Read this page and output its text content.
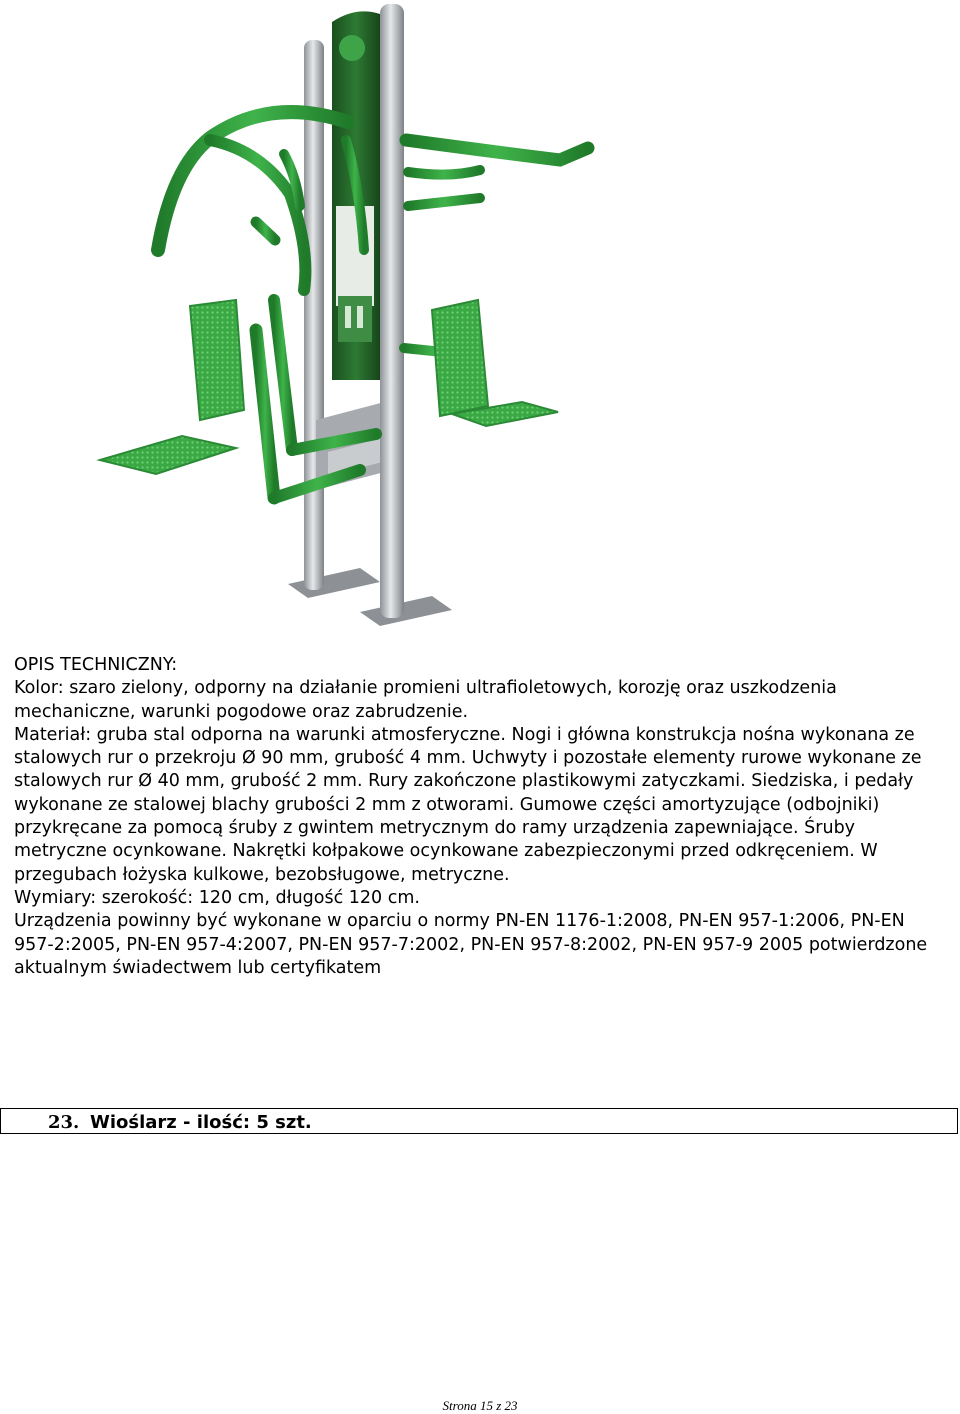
OPIS TECHNICZNY:

Kolor: szaro zielony, odporny na działanie promieni ultrafioletowych, korozję oraz uszkodzenia mechaniczne, warunki pogodowe oraz zabrudzenie.

Materiał: gruba stal odporna na warunki atmosferyczne. Nogi i główna konstrukcja nośna wykonana ze stalowych rur o przekroju Ø 90 mm, grubość 4 mm. Uchwyty i pozostałe elementy rurowe wykonane ze stalowych rur Ø 40 mm, grubość 2 mm. Rury zakończone plastikowymi zatyczkami. Siedziska, i pedały wykonane ze stalowej blachy grubości 2 mm z otworami. Gumowe części amortyzujące (odbojniki) przykręcane za pomocą śruby z gwintem metrycznym do ramy urządzenia zapewniające. Śruby metryczne ocynkowane. Nakrętki kołpakowe ocynkowane zabezpieczonymi przed odkręceniem. W przegubach łożyska kulkowe, bezobsługowe, metryczne.

Wymiary: szerokość: 120 cm, długość 120 cm.

Urządzenia powinny być wykonane w oparciu o normy PN-EN 1176-1:2008, PN-EN 957-1:2006, PN-EN 957-2:2005, PN-EN 957-4:2007, PN-EN 957-7:2002, PN-EN 957-8:2002, PN-EN 957-9 2005 potwierdzone aktualnym świadectwem lub certyfikatem

23. Wioślarz - ilość: 5 szt.
Strona 15 z 23
